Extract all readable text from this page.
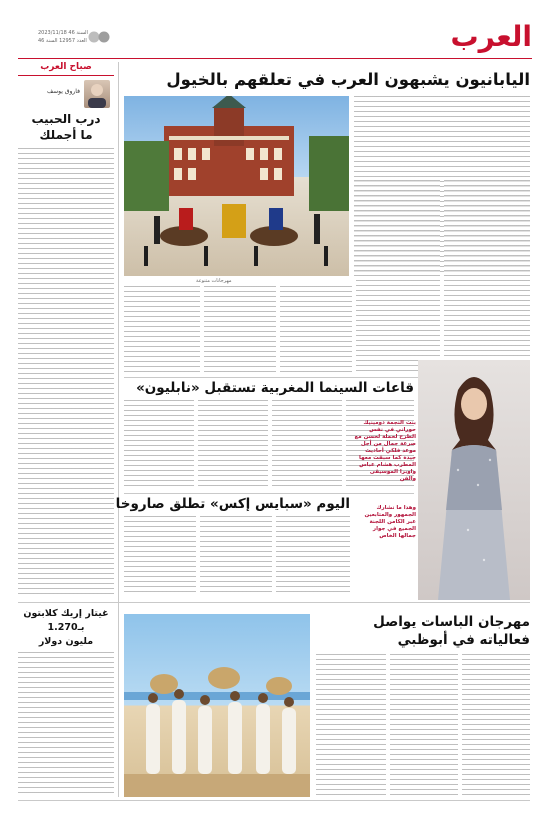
العرب
السنة 46 ‏2023/11/18
العدد 12957 السنة 46
صباح العرب
فاروق يوسف
درب الحبيب
ما أجملك
اليابانيون يشبهون العرب في تعلقهم بالخيول
مهرجانات متنوعة
قاعات السينما المغربية تستقبل «نابليون»
بنت النجمة دومينيك حوراني في نفس الطرح لحملة لحسن مع صرعة جمال من أجل موعد فلكي أحاديث جيدة كما سبقت معها المطرب هشام عباس واوبرا الموسيقى والفن
وهذا ما نشارك الجمهور والمتابعين عبر الكامن اللجنة الجميع في جوار جمالها الخاص
اليوم «سبايس إكس» تطلق صاروخا
غيتار إريك كلابتون
بـ1.270
مليون دولار
مهرجان الباسات يواصل
فعالياته في أبوظبي
